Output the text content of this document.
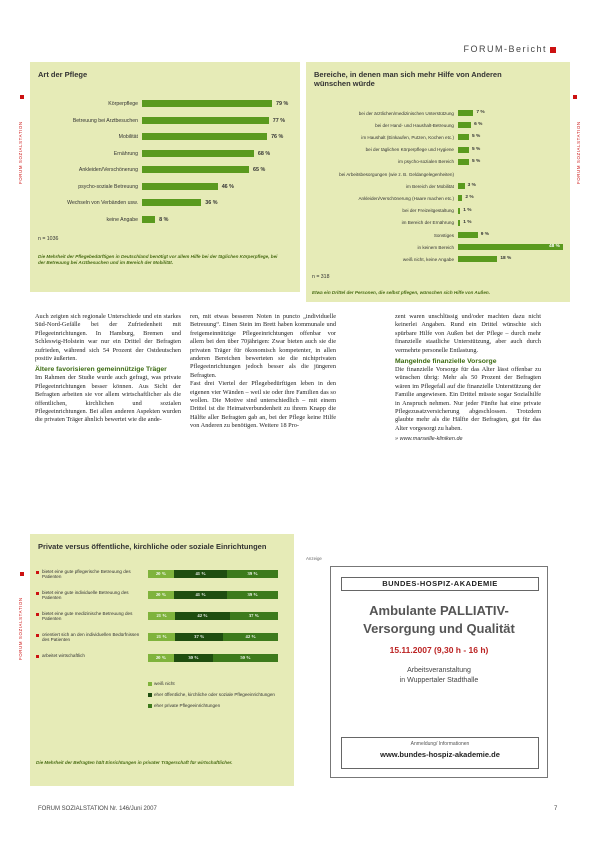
FORUM-Bericht
Art der Pflege
Körperpflege	79 %
Betreuung bei Arztbesuchen	77 %
Mobilität	76 %
Ernährung	68 %
Ankleiden/Verschönerung	65 %
psycho-soziale Betreuung	46 %
Wechseln von Verbänden usw.	36 %
keine Angabe	8 %
n = 1036
Die Mehrheit der Pflegebedürftigen in Deutschland benötigt vor allem Hilfe bei der täglichen Körperpflege, bei der Betreuung bei Arztbesuchen und im Bereich der Mobilität.
FORUM SOZIALSTATION
Bereiche, in denen man sich mehr Hilfe von Anderen wünschen würde
bei der ärztlichen/medizinischen Unterstützung	7 %
bei der Hand- und Haushalt-Betreuung	6 %
im Haushalt (Einkaufen, Putzen, Kochen etc.)	5 %
bei der täglichen Körperpflege und Hygiene	5 %
im psycho-sozialen Bereich	5 %
bei Arbeitsbesorgungen (wie z. B. Geldangelegenheiten)
im Bereich der Mobilität	3 %
Ankleiden/Verschönerung (Haare machen etc.) 2 %
bei der Freizeitgestaltung 1 %
im Bereich der Ernährung 1 %
Sonstiges	9 %
in keinem Bereich	48 %
weiß nicht, keine Angabe	18 %
n = 318
Etwa ein Drittel der Personen, die selbst pflegen, wünschen sich Hilfe von Außen.
FORUM SOZIALSTATION

Auch zeigten sich regionale Unterschiede und ein starkes Süd-Nord-Gefälle bei der Zufriedenheit mit Pflegeeinrichtungen. In Hamburg, Bremen und Schleswig-Holstein war nur ein Drittel der Befragten zufrieden, während sich 54 Prozent der Ostdeutschen positiv äußerten.

Ältere favorisieren gemeinnützige Träger

Im Rahmen der Studie wurde auch gefragt, was private Pflegeeinrichtungen besser können. Aus Sicht der Befragten arbeiten sie vor allem wirtschaftlicher als die öffentlichen, kirchlichen und sozialen Pflegeeinrichtungen. Bei allen anderen Aspekten wurden die privaten Träger ähnlich bewertet wie die ande-

ren, mit etwas besseren Noten in puncto „individuelle Betreuung“. Einen Stein im Brett haben kommunale und freigemeinnützige Pflegeeinrichtungen offenbar vor allem bei den über 70jährigen: Zwar bieten auch sie die privaten Träger für ökonomisch kompetenter, in allen anderen Bereichen bewerteten sie die nichtprivaten Pflegeeinrichtungen jedoch besser als die jüngeren Befragten.

Fast drei Viertel der Pflegebedürftigen leben in den eigenen vier Wänden – weil sie oder ihre Familien das so wollen. Die Motive sind unterschiedlich – mit einem Drittel ist die Heimatverbundenheit zu ihrem Knapp die Hälfte aller Befragten gab an, bei der Pflege keine Hilfe von Anderen zu benötigen. Weitere 18 Pro-

zent waren unschlüssig und/oder machten dazu nicht keinerlei Angaben. Rund ein Drittel wünschte sich spürbare Hilfe von Außen bei der Pflege – durch mehr finanzielle staatliche Unterstützung, aber auch durch vermehrte personelle Entlastung.

Mangelnde finanzielle Vorsorge

Die finanzielle Vorsorge für das Alter lässt offenbar zu wünschen übrig: Mehr als 50 Prozent der Befragten wären im Pflegefall auf die finanzielle Unterstützung der Familie angewiesen. Ein Drittel müsste sogar Sozialhilfe in Anspruch nehmen. Nur jeder Fünfte hat eine private Pflegezusatzversicherung abgeschlossen. Trotzdem glaubte mehr als die Hälfte der Befragten, gut für das Alter vorgesorgt zu haben.

» www.marseille-kliniken.de
Private versus öffentliche, kirchliche oder soziale Einrichtungen
bietet eine gute pflegerische Betreuung des Patienten
20 %	41 %	39 %
bietet eine gute individuelle Betreuung des Patienten
20 %	41 %	39 %
bietet eine gute medizinische Betreuung des Patienten
21 %	42 %	37 %
orientiert sich an den individuellen Bedürfnissen des Patienten
21 %	37 %	42 %
arbeitet wirtschaftlich	20 %	30 %	50 %
weiß nicht
eher öffentliche, kirchliche oder soziale Pflegeeinrichtungen
eher private Pflegeeinrichtungen
Die Mehrheit der Befragten hält Einrichtungen in privater Trägerschaft für wirtschaftlicher.
FORUM SOZIALSTATION
Anzeige
BUNDES-HOSPIZ-AKADEMIE
Ambulante PALLIATIV-
Versorgung und Qualität
15.11.2007 (9,30 h - 16 h)
Arbeitsveranstaltung
in Wuppertaler Stadthalle
Anmeldung/ Informationen
www.bundes-hospiz-akademie.de
FORUM SOZIALSTATION Nr. 146/Juni 2007	7
